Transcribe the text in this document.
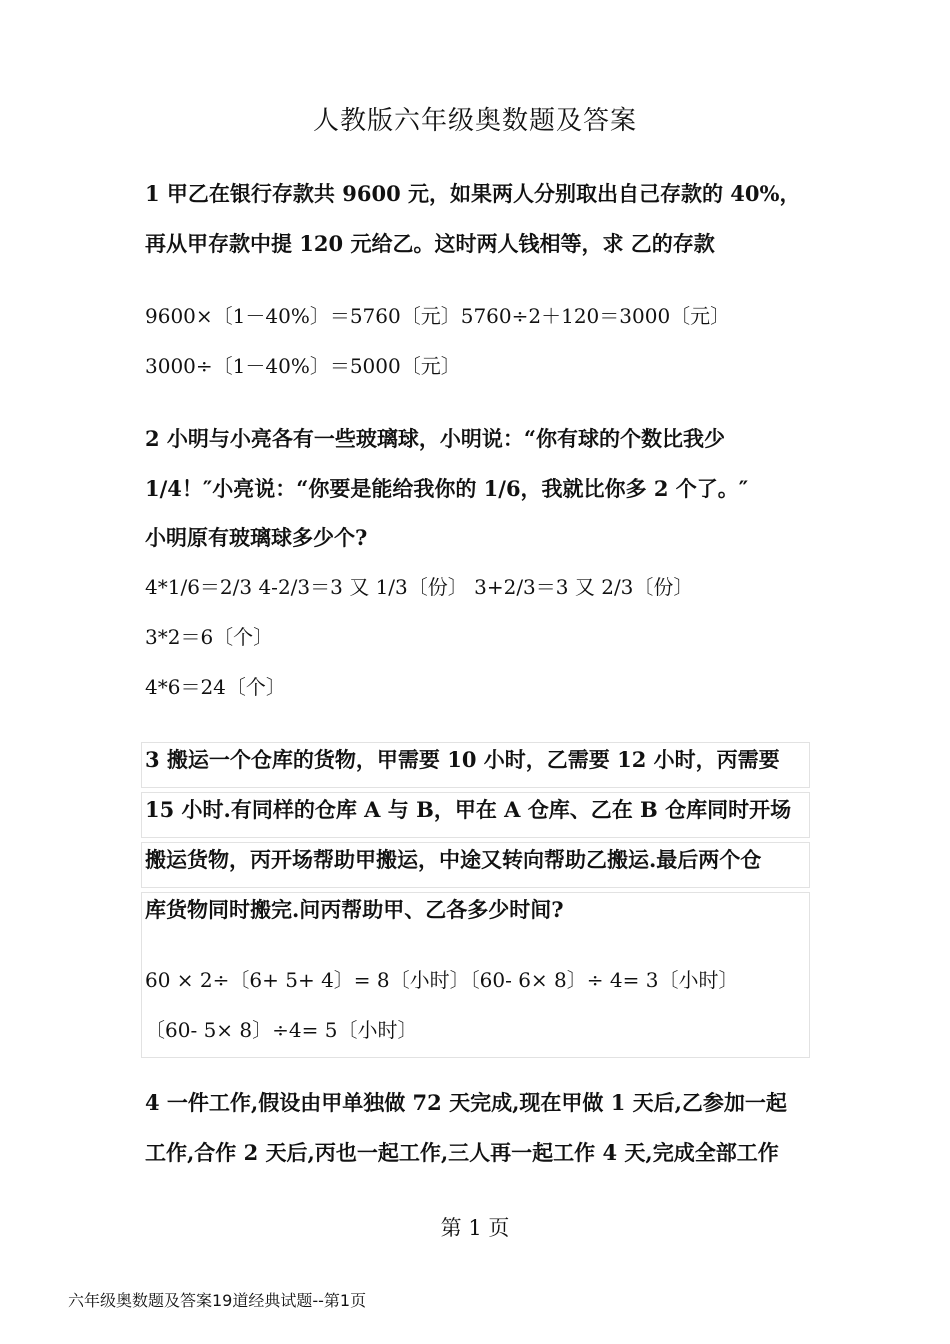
人教版六年级奥数题及答案

1 甲乙在银行存款共 9600 元，如果两人分别取出自己存款的 40%，

再从甲存款中提 120 元给乙。这时两人钱相等，求 乙的存款

9600×〔1－40%〕＝5760〔元〕5760÷2＋120＝3000〔元〕

3000÷〔1－40%〕＝5000〔元〕

2 小明与小亮各有一些玻璃球，小明说：“你有球的个数比我少

1/4！″小亮说：“你要是能给我你的 1/6，我就比你多 2 个了。″

小明原有玻璃球多少个?

4*1/6＝2/3 4-2/3＝3 又 1/3〔份〕 3+2/3＝3 又 2/3〔份〕

3*2＝6〔个〕

4*6＝24〔个〕

3 搬运一个仓库的货物，甲需要 10 小时，乙需要 12 小时，丙需要

15 小时.有同样的仓库 A 与 B，甲在 A 仓库、乙在 B 仓库同时开场

搬运货物，丙开场帮助甲搬运，中途又转向帮助乙搬运.最后两个仓

库货物同时搬完.问丙帮助甲、乙各多少时间?

60 × 2÷〔6+ 5+ 4〕= 8〔小时〕〔60- 6× 8〕÷ 4= 3〔小时〕

〔60- 5× 8〕÷4= 5〔小时〕

4 一件工作,假设由甲单独做 72 天完成,现在甲做 1 天后,乙参加一起

工作,合作 2 天后,丙也一起工作,三人再一起工作 4 天,完成全部工作

第 1 页
六年级奥数题及答案19道经典试题--第1页
